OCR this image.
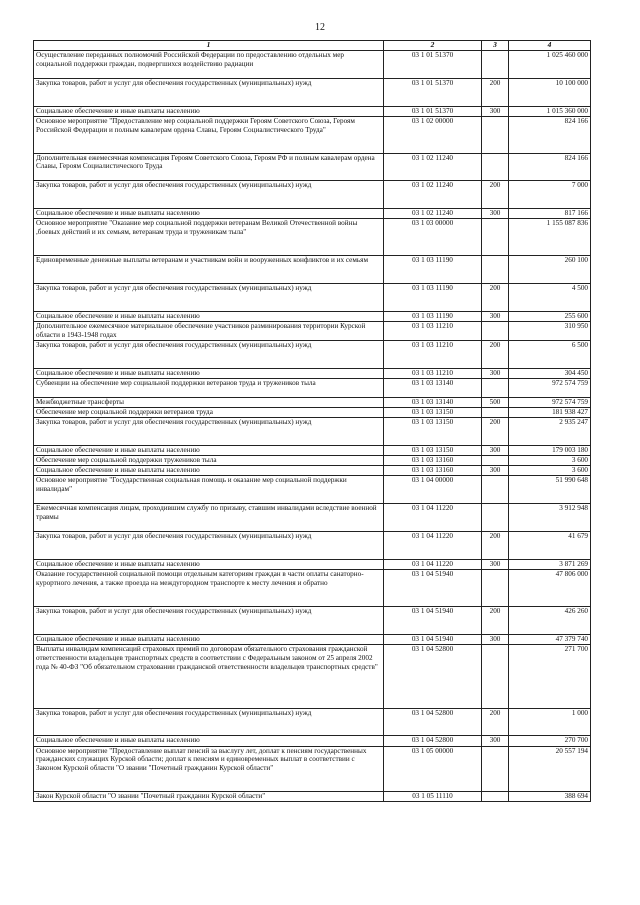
12
1	2	3	4
Осуществление переданных полномочий Российской Федерации по предоставлению отдельных мер социальной поддержки граждан, подвергшихся воздействию радиации	03 1 01 51370		1 025 460 000
Закупка товаров, работ и услуг для обеспечения государственных (муниципальных) нужд	03 1 01 51370	200	10 100 000
Социальное обеспечение и иные выплаты населению	03 1 01 51370	300	1 015 360 000
Основное мероприятие "Предоставление мер социальной поддержки Героям Советского Союза, Героям Российской Федерации и полным кавалерам ордена Славы, Героям Социалистического Труда"	03 1 02 00000		824 166
Дополнительная ежемесячная компенсация Героям Советского Союза, Героям РФ и полным кавалерам ордена Славы, Героям Социалистического Труда	03 1 02 11240		824 166
Закупка товаров, работ и услуг для обеспечения государственных (муниципальных) нужд	03 1 02 11240	200	7 000
Социальное обеспечение и иные выплаты населению	03 1 02 11240	300	817 166
Основное мероприятие "Оказание мер социальной поддержки ветеранам Великой Отечественной войны ,боевых действий и их семьям, ветеранам труда и труженикам тыла"	03 1 03 00000		1 155 087 836
Единовременные денежные выплаты ветеранам и участникам войн и вооруженных конфликтов и их семьям	03 1 03 11190		260 100
Закупка товаров, работ и услуг для обеспечения государственных (муниципальных) нужд	03 1 03 11190	200	4 500
Социальное обеспечение и иные выплаты населению	03 1 03 11190	300	255 600
Дополнительное ежемесячное материальное обеспечение участников разминирования территории Курской области в 1943-1948 годах	03 1 03 11210		310 950
Закупка товаров, работ и услуг для обеспечения государственных (муниципальных) нужд	03 1 03 11210	200	6 500
Социальное обеспечение и иные выплаты населению	03 1 03 11210	300	304 450
Субвенции на обеспечение мер социальной поддержки ветеранов труда и тружеников тыла	03 1 03 13140		972 574 759
Межбюджетные трансферты	03 1 03 13140	500	972 574 759
Обеспечение мер социальной поддержки ветеранов труда	03 1 03 13150		181 938 427
Закупка товаров, работ и услуг для обеспечения государственных (муниципальных) нужд	03 1 03 13150	200	2 935 247
Социальное обеспечение и иные выплаты населению	03 1 03 13150	300	179 003 180
Обеспечение мер социальной поддержки тружеников тыла	03 1 03 13160		3 600
Социальное обеспечение и иные выплаты населению	03 1 03 13160	300	3 600
Основное мероприятие "Государственная социальная помощь и оказание мер социальной поддержки инвалидам"	03 1 04 00000		51 990 648
Ежемесячная компенсация лицам, проходившим службу по призыву, ставшим инвалидами вследствие военной травмы	03 1 04 11220		3 912 948
Закупка товаров, работ и услуг для обеспечения государственных (муниципальных) нужд	03 1 04 11220	200	41 679
Социальное обеспечение и иные выплаты населению	03 1 04 11220	300	3 871 269
Оказание государственной социальной помощи отдельным категориям граждан в части оплаты санаторно-курортного лечения, а также проезда на междугородном транспорте к месту лечения и обратно	03 1 04 51940		47 806 000
Закупка товаров, работ и услуг для обеспечения государственных (муниципальных) нужд	03 1 04 51940	200	426 260
Социальное обеспечение и иные выплаты населению	03 1 04 51940	300	47 379 740
Выплаты инвалидам компенсаций страховых премий по договорам обязательного страхования гражданской ответственности владельцев транспортных средств в соответствии с Федеральным законом от 25 апреля 2002 года № 40-ФЗ "Об обязательном страховании гражданской ответственности владельцев транспортных средств"	03 1 04 52800		271 700
Закупка товаров, работ и услуг для обеспечения государственных (муниципальных) нужд	03 1 04 52800	200	1 000
Социальное обеспечение и иные выплаты населению	03 1 04 52800	300	270 700
Основное мероприятие "Предоставление выплат пенсий за выслугу лет, доплат к пенсиям государственных гражданских служащих Курской области; доплат к пенсиям и единовременных выплат в соответствии с Законом Курской области "О звании "Почетный гражданин Курской области"	03 1 05 00000		20 557 194
Закон Курской области "О звании "Почетный гражданин Курской области"	03 1 05 11110		388 694
